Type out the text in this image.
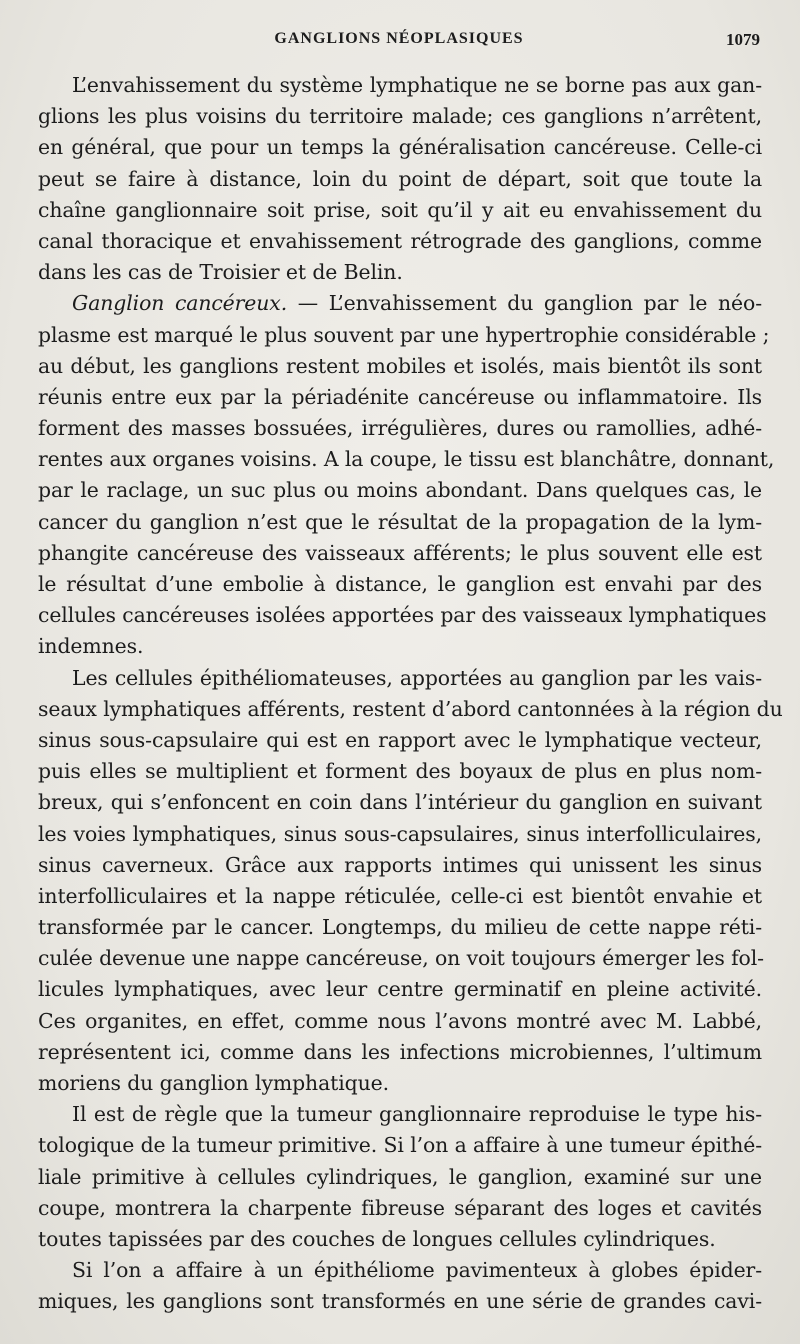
GANGLIONS NÉOPLASIQUES	1079
L’envahissement du système lymphatique ne se borne pas aux gan-
glions les plus voisins du territoire malade; ces ganglions n’arrêtent,
en général, que pour un temps la généralisation cancéreuse. Celle-ci
peut se faire à distance, loin du point de départ, soit que toute la
chaîne ganglionnaire soit prise, soit qu’il y ait eu envahissement du
canal thoracique et envahissement rétrograde des ganglions, comme
dans les cas de Troisier et de Belin.
Ganglion cancéreux. — L’envahissement du ganglion par le néo-
plasme est marqué le plus souvent par une hypertrophie considérable ;
au début, les ganglions restent mobiles et isolés, mais bientôt ils sont
réunis entre eux par la périadénite cancéreuse ou inflammatoire. Ils
forment des masses bossuées, irrégulières, dures ou ramollies, adhé-
rentes aux organes voisins. A la coupe, le tissu est blanchâtre, donnant,
par le raclage, un suc plus ou moins abondant. Dans quelques cas, le
cancer du ganglion n’est que le résultat de la propagation de la lym-
phangite cancéreuse des vaisseaux afférents; le plus souvent elle est
le résultat d’une embolie à distance, le ganglion est envahi par des
cellules cancéreuses isolées apportées par des vaisseaux lymphatiques
indemnes.
Les cellules épithéliomateuses, apportées au ganglion par les vais-
seaux lymphatiques afférents, restent d’abord cantonnées à la région du
sinus sous-capsulaire qui est en rapport avec le lymphatique vecteur,
puis elles se multiplient et forment des boyaux de plus en plus nom-
breux, qui s’enfoncent en coin dans l’intérieur du ganglion en suivant
les voies lymphatiques, sinus sous-capsulaires, sinus interfolliculaires,
sinus caverneux. Grâce aux rapports intimes qui unissent les sinus
interfolliculaires et la nappe réticulée, celle-ci est bientôt envahie et
transformée par le cancer. Longtemps, du milieu de cette nappe réti-
culée devenue une nappe cancéreuse, on voit toujours émerger les fol-
licules lymphatiques, avec leur centre germinatif en pleine activité.
Ces organites, en effet, comme nous l’avons montré avec M. Labbé,
représentent ici, comme dans les infections microbiennes, l’ultimum
moriens du ganglion lymphatique.
Il est de règle que la tumeur ganglionnaire reproduise le type his-
tologique de la tumeur primitive. Si l’on a affaire à une tumeur épithé-
liale primitive à cellules cylindriques, le ganglion, examiné sur une
coupe, montrera la charpente fibreuse séparant des loges et cavités
toutes tapissées par des couches de longues cellules cylindriques.
Si l’on a affaire à un épithéliome pavimenteux à globes épider-
miques, les ganglions sont transformés en une série de grandes cavi-
